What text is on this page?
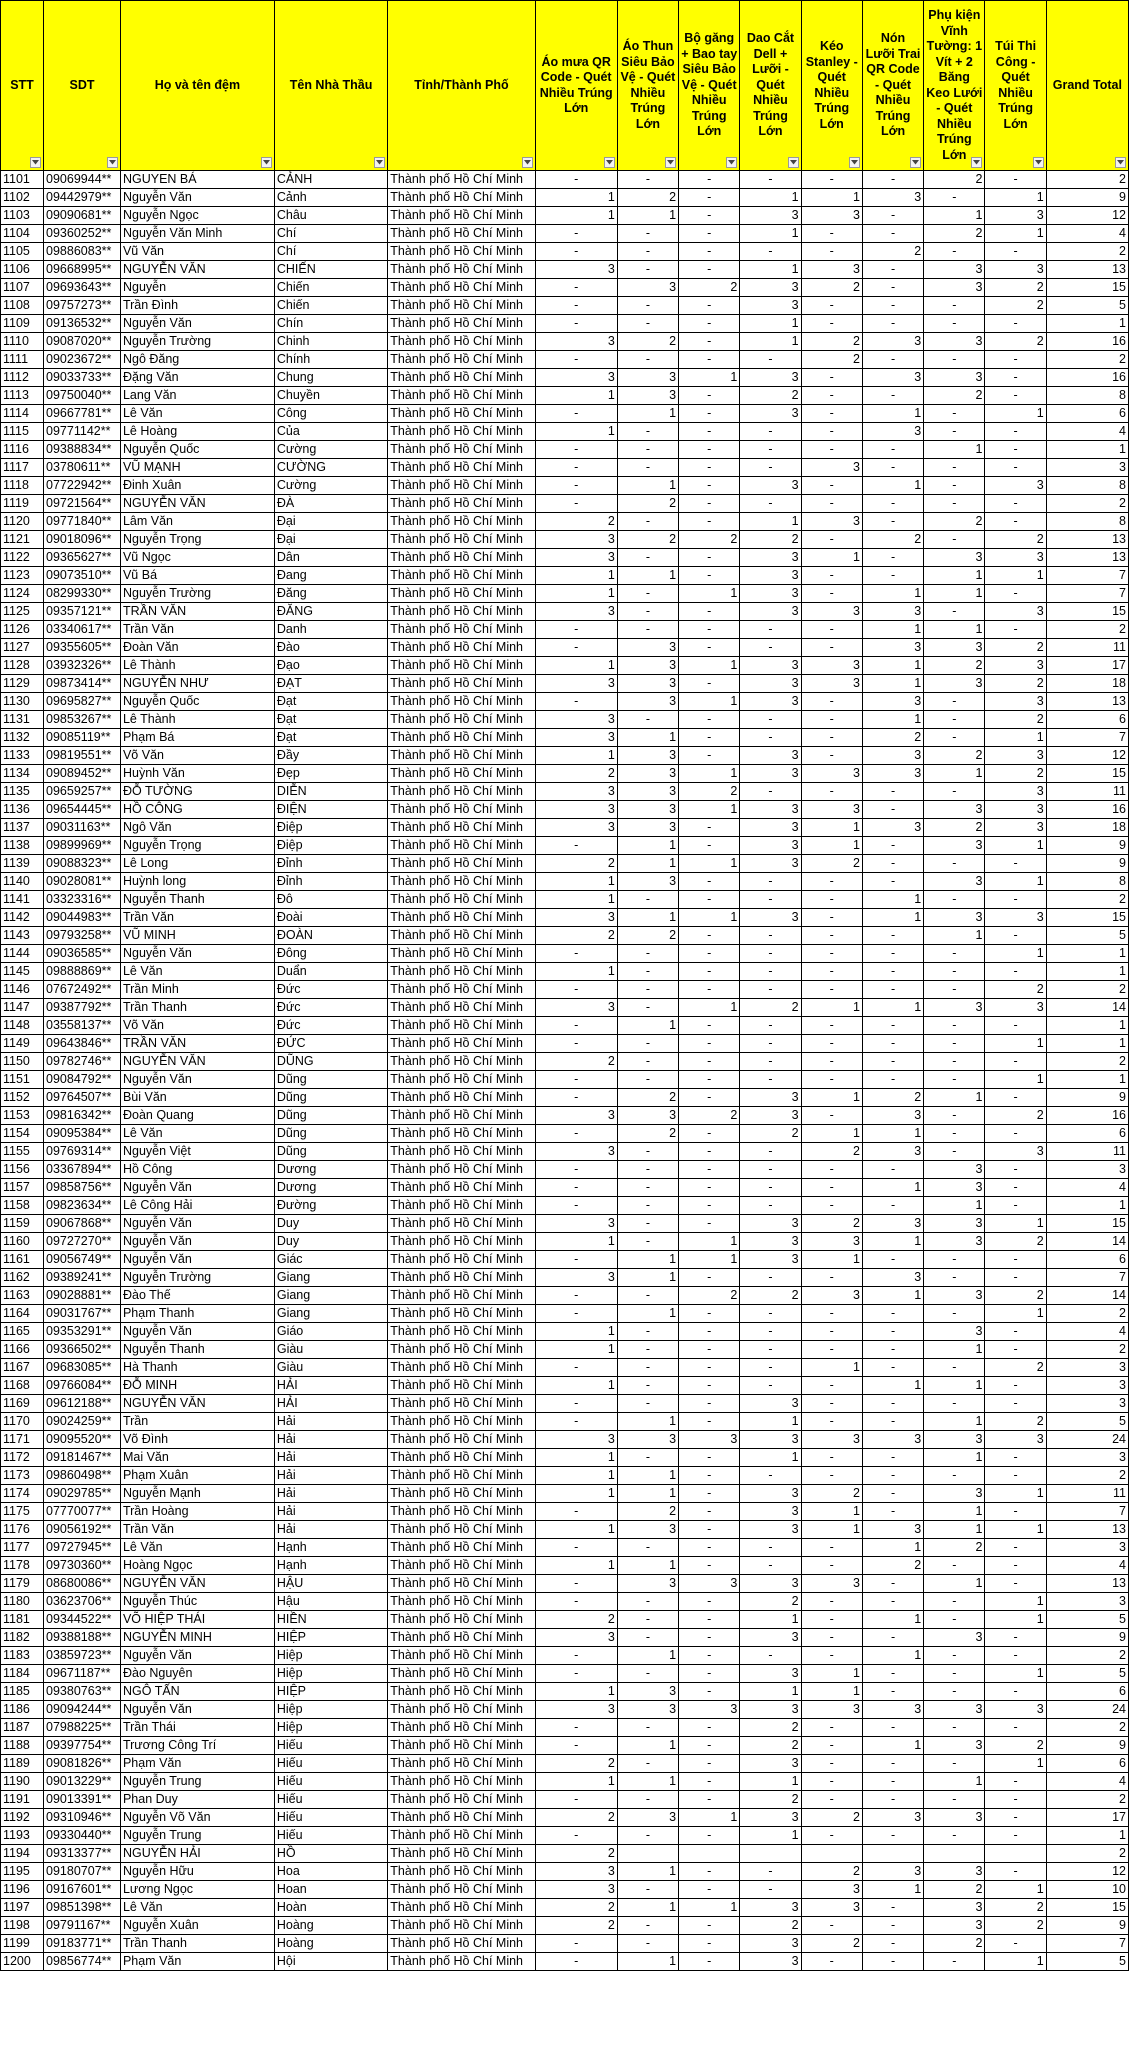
STT	SDT	Họ và tên đệm	Tên Nhà Thầu	Tỉnh/Thành Phố	Áo mưa QR Code - Quét Nhiều Trúng Lớn	Áo Thun Siêu Bảo Vệ - Quét Nhiều Trúng Lớn	Bộ găng + Bao tay Siêu Bảo Vệ - Quét Nhiều Trúng Lớn	Dao Cắt Dell + Lưỡi - Quét Nhiều Trúng Lớn	Kéo Stanley - Quét Nhiều Trúng Lớn	Nón Lưỡi Trai QR Code - Quét Nhiều Trúng Lớn	Phụ kiện Vĩnh Tường: 1 Vít + 2 Băng Keo Lưới - Quét Nhiều Trúng Lớn	Túi Thi Công - Quét Nhiều Trúng Lớn	Grand Total

1101	09069944**	NGUYEN BÁ	CẢNH	Thành phố Hồ Chí Minh	-	-	-	-	-	-	2	-	2
1102	09442979**	Nguyễn Văn	Cảnh	Thành phố Hồ Chí Minh	1	2	-	1	1	3	-	1	9
1103	09090681**	Nguyễn Ngọc	Châu	Thành phố Hồ Chí Minh	1	1	-	3	3	-	1	3	12
1104	09360252**	Nguyễn Văn Minh	Chí	Thành phố Hồ Chí Minh	-	-	-	1	-	-	2	1	4
1105	09886083**	Vũ Văn	Chí	Thành phố Hồ Chí Minh	-	-	-	-	-	2	-	-	2
1106	09668995**	NGUYỄN VĂN	CHIẾN	Thành phố Hồ Chí Minh	3	-	-	1	3	-	3	3	13
1107	09693643**	Nguyễn	Chiến	Thành phố Hồ Chí Minh	-	3	2	3	2	-	3	2	15
1108	09757273**	Trần Đình	Chiến	Thành phố Hồ Chí Minh	-	-	-	3	-	-	-	2	5
1109	09136532**	Nguyễn Văn	Chín	Thành phố Hồ Chí Minh	-	-	-	1	-	-	-	-	1
1110	09087020**	Nguyễn Trường	Chinh	Thành phố Hồ Chí Minh	3	2	-	1	2	3	3	2	16
1111	09023672**	Ngô Đăng	Chính	Thành phố Hồ Chí Minh	-	-	-	-	2	-	-	-	2
1112	09033733**	Đặng Văn	Chung	Thành phố Hồ Chí Minh	3	3	1	3	-	3	3	-	16
1113	09750040**	Lang Văn	Chuyền	Thành phố Hồ Chí Minh	1	3	-	2	-	-	2	-	8
1114	09667781**	Lê Văn	Công	Thành phố Hồ Chí Minh	-	1	-	3	-	1	-	1	6
1115	09771142**	Lê Hoàng	Của	Thành phố Hồ Chí Minh	1	-	-	-	-	3	-	-	4
1116	09388834**	Nguyễn Quốc	Cường	Thành phố Hồ Chí Minh	-	-	-	-	-	-	1	-	1
1117	03780611**	VŨ MẠNH	CƯỜNG	Thành phố Hồ Chí Minh	-	-	-	-	3	-	-	-	3
1118	07722942**	Đinh Xuân	Cường	Thành phố Hồ Chí Minh	-	1	-	3	-	1	-	3	8
1119	09721564**	NGUYỄN VĂN	ĐÀ	Thành phố Hồ Chí Minh	-	2	-	-	-	-	-	-	2
1120	09771840**	Lâm Văn	Đại	Thành phố Hồ Chí Minh	2	-	-	1	3	-	2	-	8
1121	09018096**	Nguyễn Trọng	Đại	Thành phố Hồ Chí Minh	3	2	2	2	-	2	-	2	13
1122	09365627**	Vũ Ngọc	Dân	Thành phố Hồ Chí Minh	3	-	-	3	1	-	3	3	13
1123	09073510**	Vũ Bá	Đang	Thành phố Hồ Chí Minh	1	1	-	3	-	-	1	1	7
1124	08299330**	Nguyễn Trường	Đăng	Thành phố Hồ Chí Minh	1	-	1	3	-	1	1	-	7
1125	09357121**	TRẦN VĂN	ĐĂNG	Thành phố Hồ Chí Minh	3	-	-	3	3	3	-	3	15
1126	03340617**	Trần Văn	Danh	Thành phố Hồ Chí Minh	-	-	-	-	-	1	1	-	2
1127	09355605**	Đoàn Văn	Đào	Thành phố Hồ Chí Minh	-	3	-	-	-	3	3	2	11
1128	03932326**	Lê Thành	Đạo	Thành phố Hồ Chí Minh	1	3	1	3	3	1	2	3	17
1129	09873414**	NGUYỄN NHƯ	ĐẠT	Thành phố Hồ Chí Minh	3	3	-	3	3	1	3	2	18
1130	09695827**	Nguyễn Quốc	Đạt	Thành phố Hồ Chí Minh	-	3	1	3	-	3	-	3	13
1131	09853267**	Lê Thành	Đạt	Thành phố Hồ Chí Minh	3	-	-	-	-	1	-	2	6
1132	09085119**	Phạm Bá	Đạt	Thành phố Hồ Chí Minh	3	1	-	-	-	2	-	1	7
1133	09819551**	Võ Văn	Đầy	Thành phố Hồ Chí Minh	1	3	-	3	-	3	2	3	12
1134	09089452**	Huỳnh Văn	Đẹp	Thành phố Hồ Chí Minh	2	3	1	3	3	3	1	2	15
1135	09659257**	ĐỖ TƯỜNG	DIỄN	Thành phố Hồ Chí Minh	3	3	2	-	-	-	-	3	11
1136	09654445**	HỒ CÔNG	ĐIỆN	Thành phố Hồ Chí Minh	3	3	1	3	3	-	3	3	16
1137	09031163**	Ngô Văn	Điệp	Thành phố Hồ Chí Minh	3	3	-	3	1	3	2	3	18
1138	09899969**	Nguyễn Trọng	Điệp	Thành phố Hồ Chí Minh	-	1	-	3	1	-	3	1	9
1139	09088323**	Lê Long	Đỉnh	Thành phố Hồ Chí Minh	2	1	1	3	2	-	-	-	9
1140	09028081**	Huỳnh long	Đỉnh	Thành phố Hồ Chí Minh	1	3	-	-	-	-	3	1	8
1141	03323316**	Nguyễn Thanh	Đô	Thành phố Hồ Chí Minh	1	-	-	-	-	1	-	-	2
1142	09044983**	Trần Văn	Đoài	Thành phố Hồ Chí Minh	3	1	1	3	-	1	3	3	15
1143	09793258**	VŨ MINH	ĐOÀN	Thành phố Hồ Chí Minh	2	2	-	-	-	-	1	-	5
1144	09036585**	Nguyễn Văn	Đông	Thành phố Hồ Chí Minh	-	-	-	-	-	-	-	1	1
1145	09888869**	Lê Văn	Duẩn	Thành phố Hồ Chí Minh	1	-	-	-	-	-	-	-	1
1146	07672492**	Trần Minh	Đức	Thành phố Hồ Chí Minh	-	-	-	-	-	-	-	2	2
1147	09387792**	Trần Thanh	Đức	Thành phố Hồ Chí Minh	3	-	1	2	1	1	3	3	14
1148	03558137**	Võ Văn	Đức	Thành phố Hồ Chí Minh	-	1	-	-	-	-	-	-	1
1149	09643846**	TRẦN VĂN	ĐỨC	Thành phố Hồ Chí Minh	-	-	-	-	-	-	-	1	1
1150	09782746**	NGUYỄN VĂN	DŨNG	Thành phố Hồ Chí Minh	2	-	-	-	-	-	-	-	2
1151	09084792**	Nguyễn Văn	Dũng	Thành phố Hồ Chí Minh	-	-	-	-	-	-	-	1	1
1152	09764507**	Bùi Văn	Dũng	Thành phố Hồ Chí Minh	-	2	-	3	1	2	1	-	9
1153	09816342**	Đoàn Quang	Dũng	Thành phố Hồ Chí Minh	3	3	2	3	-	3	-	2	16
1154	09095384**	Lê Văn	Dũng	Thành phố Hồ Chí Minh	-	2	-	2	1	1	-	-	6
1155	09769314**	Nguyễn Việt	Dũng	Thành phố Hồ Chí Minh	3	-	-	-	2	3	-	3	11
1156	03367894**	Hồ Công	Dương	Thành phố Hồ Chí Minh	-	-	-	-	-	-	3	-	3
1157	09858756**	Nguyễn Văn	Dương	Thành phố Hồ Chí Minh	-	-	-	-	-	1	3	-	4
1158	09823634**	Lê Công Hải	Đường	Thành phố Hồ Chí Minh	-	-	-	-	-	-	1	-	1
1159	09067868**	Nguyễn Văn	Duy	Thành phố Hồ Chí Minh	3	-	-	3	2	3	3	1	15
1160	09727270**	Nguyễn Văn	Duy	Thành phố Hồ Chí Minh	1	-	1	3	3	1	3	2	14
1161	09056749**	Nguyễn Văn	Giác	Thành phố Hồ Chí Minh	-	1	1	3	1	-	-	-	6
1162	09389241**	Nguyễn Trường	Giang	Thành phố Hồ Chí Minh	3	1	-	-	-	3	-	-	7
1163	09028881**	Đào Thế	Giang	Thành phố Hồ Chí Minh	-	-	2	2	3	1	3	2	14
1164	09031767**	Phạm Thanh	Giang	Thành phố Hồ Chí Minh	-	1	-	-	-	-	-	1	2
1165	09353291**	Nguyễn Văn	Giáo	Thành phố Hồ Chí Minh	1	-	-	-	-	-	3	-	4
1166	09366502**	Nguyễn Thanh	Giàu	Thành phố Hồ Chí Minh	1	-	-	-	-	-	1	-	2
1167	09683085**	Hà Thanh	Giàu	Thành phố Hồ Chí Minh	-	-	-	-	1	-	-	2	3
1168	09766084**	ĐỖ MINH	HẢI	Thành phố Hồ Chí Minh	1	-	-	-	-	1	1	-	3
1169	09612188**	NGUYỄN VĂN	HẢI	Thành phố Hồ Chí Minh	-	-	-	3	-	-	-	-	3
1170	09024259**	Trần	Hải	Thành phố Hồ Chí Minh	-	1	-	1	-	-	1	2	5
1171	09095520**	Võ Đình	Hải	Thành phố Hồ Chí Minh	3	3	3	3	3	3	3	3	24
1172	09181467**	Mai Văn	Hải	Thành phố Hồ Chí Minh	1	-	-	1	-	-	1	-	3
1173	09860498**	Phạm Xuân	Hải	Thành phố Hồ Chí Minh	1	1	-	-	-	-	-	-	2
1174	09029785**	Nguyễn Mạnh	Hải	Thành phố Hồ Chí Minh	1	1	-	3	2	-	3	1	11
1175	07770077**	Trần Hoàng	Hải	Thành phố Hồ Chí Minh	-	2	-	3	1	-	1	-	7
1176	09056192**	Trần Văn	Hải	Thành phố Hồ Chí Minh	1	3	-	3	1	3	1	1	13
1177	09727945**	Lê Văn	Hạnh	Thành phố Hồ Chí Minh	-	-	-	-	-	1	2	-	3
1178	09730360**	Hoàng Ngọc	Hạnh	Thành phố Hồ Chí Minh	1	1	-	-	-	2	-	-	4
1179	08680086**	NGUYỄN VĂN	HẬU	Thành phố Hồ Chí Minh	-	3	3	3	3	-	1	-	13
1180	03623706**	Nguyễn Thúc	Hậu	Thành phố Hồ Chí Minh	-	-	-	2	-	-	-	1	3
1181	09344522**	VÕ HIỆP THÁI	HIỀN	Thành phố Hồ Chí Minh	2	-	-	1	-	1	-	1	5
1182	09388188**	NGUYỄN MINH	HIỆP	Thành phố Hồ Chí Minh	3	-	-	3	-	-	3	-	9
1183	03859723**	Nguyễn Văn	Hiệp	Thành phố Hồ Chí Minh	-	1	-	-	-	1	-	-	2
1184	09671187**	Đào Nguyên	Hiệp	Thành phố Hồ Chí Minh	-	-	-	3	1	-	-	1	5
1185	09380763**	NGÔ TẤN	HIỆP	Thành phố Hồ Chí Minh	1	3	-	1	1	-	-	-	6
1186	09094244**	Nguyễn Văn	Hiệp	Thành phố Hồ Chí Minh	3	3	3	3	3	3	3	3	24
1187	07988225**	Trần Thái	Hiệp	Thành phố Hồ Chí Minh	-	-	-	2	-	-	-	-	2
1188	09397754**	Trương Công Trí	Hiếu	Thành phố Hồ Chí Minh	-	1	-	2	-	1	3	2	9
1189	09081826**	Phạm Văn	Hiếu	Thành phố Hồ Chí Minh	2	-	-	3	-	-	-	1	6
1190	09013229**	Nguyễn Trung	Hiếu	Thành phố Hồ Chí Minh	1	1	-	1	-	-	1	-	4
1191	09013391**	Phan Duy	Hiếu	Thành phố Hồ Chí Minh	-	-	-	2	-	-	-	-	2
1192	09310946**	Nguyễn Võ Văn	Hiếu	Thành phố Hồ Chí Minh	2	3	1	3	2	3	3	-	17
1193	09330440**	Nguyễn Trung	Hiếu	Thành phố Hồ Chí Minh	-	-	-	1	-	-	-	-	1
1194	09313377**	NGUYỄN HẢI	HỒ	Thành phố Hồ Chí Minh	2								2
1195	09180707**	Nguyễn Hữu	Hoa	Thành phố Hồ Chí Minh	3	1	-	-	2	3	3	-	12
1196	09167601**	Lương Ngọc	Hoan	Thành phố Hồ Chí Minh	3	-	-	-	3	1	2	1	10
1197	09851398**	Lê Văn	Hoàn	Thành phố Hồ Chí Minh	2	1	1	3	3	-	3	2	15
1198	09791167**	Nguyễn Xuân	Hoàng	Thành phố Hồ Chí Minh	2	-	-	2	-	-	3	2	9
1199	09183771**	Trần Thanh	Hoàng	Thành phố Hồ Chí Minh	-	-	-	3	2	-	2	-	7
1200	09856774**	Phạm Văn	Hội	Thành phố Hồ Chí Minh	-	1	-	3	-	-	-	1	5
